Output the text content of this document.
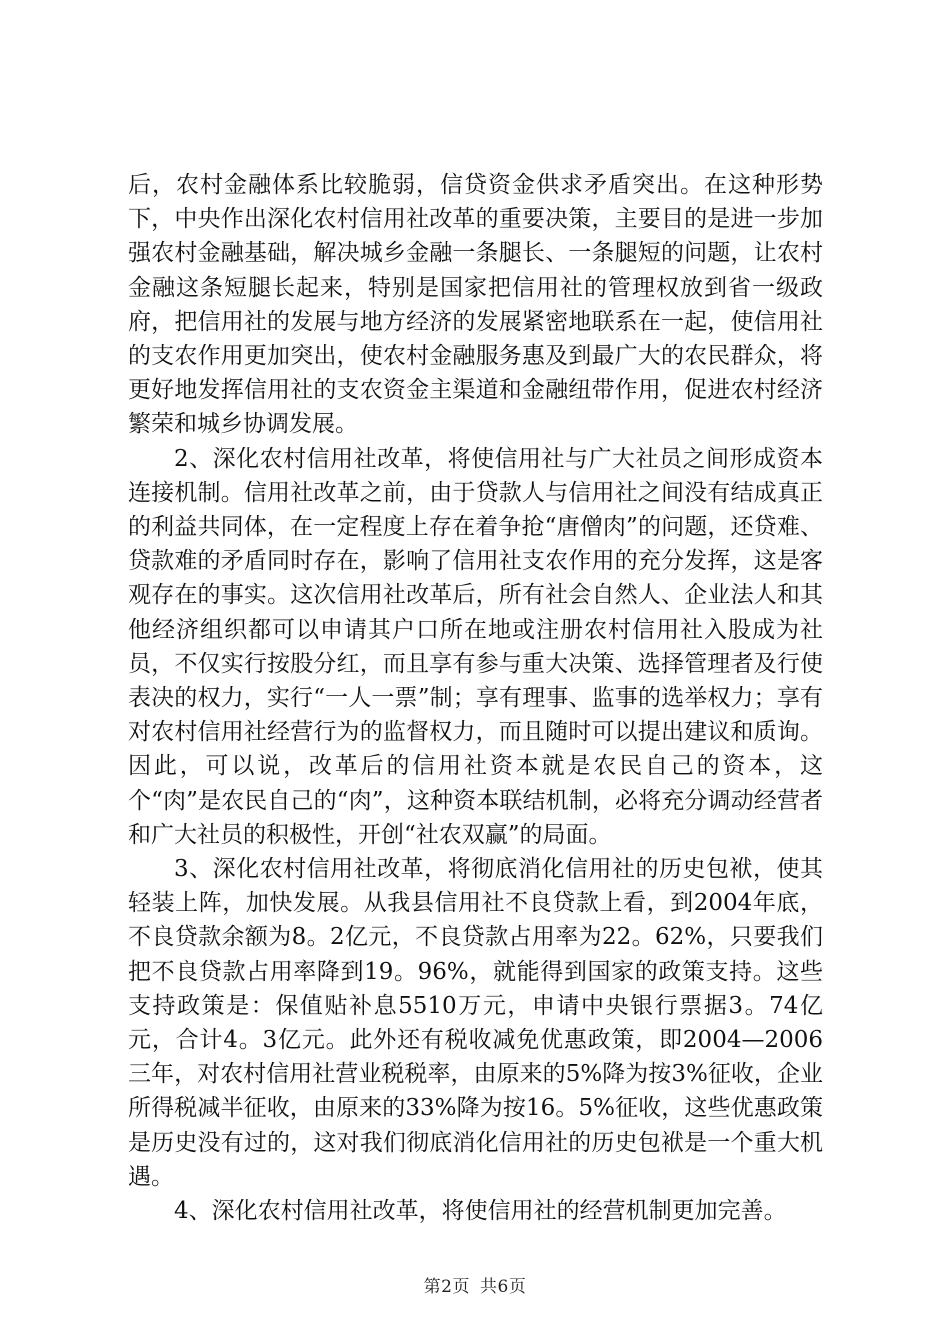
后，农村金融体系比较脆弱，信贷资金供求矛盾突出。在这种形势下，中央作出深化农村信用社改革的重要决策，主要目的是进一步加强农村金融基础，解决城乡金融一条腿长、一条腿短的问题，让农村金融这条短腿长起来，特别是国家把信用社的管理权放到省一级政府，把信用社的发展与地方经济的发展紧密地联系在一起，使信用社的支农作用更加突出，使农村金融服务惠及到最广大的农民群众，将更好地发挥信用社的支农资金主渠道和金融纽带作用，促进农村经济繁荣和城乡协调发展。

2、深化农村信用社改革，将使信用社与广大社员之间形成资本连接机制。信用社改革之前，由于贷款人与信用社之间没有结成真正的利益共同体，在一定程度上存在着争抢“唐僧肉”的问题，还贷难、贷款难的矛盾同时存在，影响了信用社支农作用的充分发挥，这是客观存在的事实。这次信用社改革后，所有社会自然人、企业法人和其他经济组织都可以申请其户口所在地或注册农村信用社入股成为社员，不仅实行按股分红，而且享有参与重大决策、选择管理者及行使表决的权力，实行“一人一票”制；享有理事、监事的选举权力；享有对农村信用社经营行为的监督权力，而且随时可以提出建议和质询。因此，可以说，改革后的信用社资本就是农民自己的资本，这个“肉”是农民自己的“肉”，这种资本联结机制，必将充分调动经营者和广大社员的积极性，开创“社农双赢”的局面。

3、深化农村信用社改革，将彻底消化信用社的历史包袱，使其轻装上阵，加快发展。从我县信用社不良贷款上看，到2004年底，不良贷款余额为8。2亿元，不良贷款占用率为22。62%，只要我们把不良贷款占用率降到19。96%，就能得到国家的政策支持。这些支持政策是：保值贴补息5510万元，申请中央银行票据3。74亿元，合计4。3亿元。此外还有税收减免优惠政策，即2004—2006三年，对农村信用社营业税税率，由原来的5%降为按3%征收，企业所得税减半征收，由原来的33%降为按16。5%征收，这些优惠政策是历史没有过的，这对我们彻底消化信用社的历史包袱是一个重大机遇。

4、深化农村信用社改革，将使信用社的经营机制更加完善。

第2页 共6页
